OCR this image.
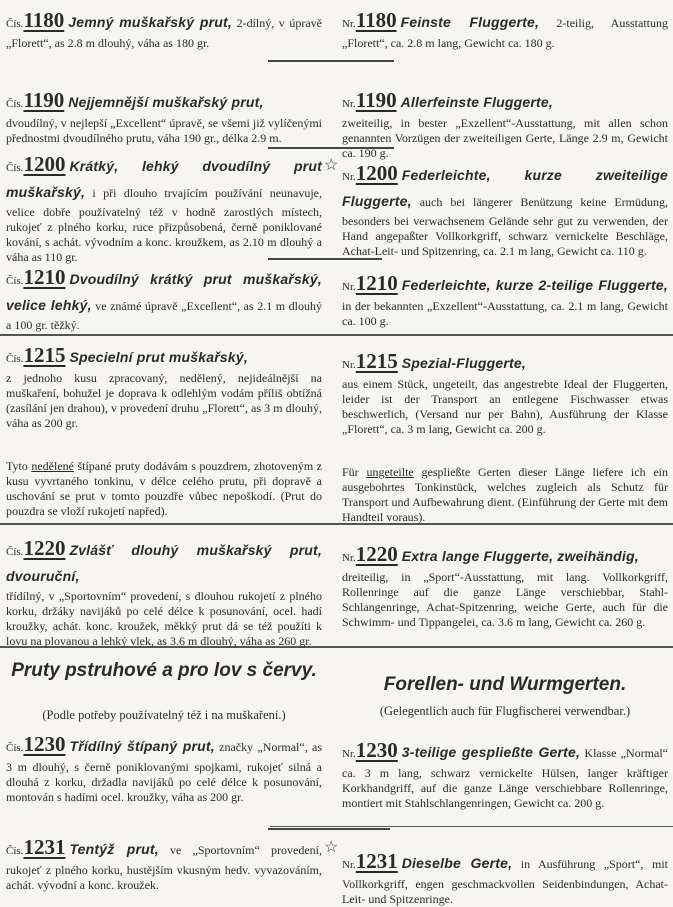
☆
☆
Čís.1180 Jemný muškařský prut, 2-dílný, v úpravě „Florett“, as 2.8 m dlouhý, váha as 180 gr.
Čís.1190 Nejjemnější muškařský prut,
dvoudílný, v nejlepší „Excellent“ úpravě, se všemi již vylíčenými přednostmi dvoudílného prutu, váha 190 gr., délka 2.9 m.
Čís.1200 Krátký, lehký dvoudílný prut muškařský, i při dlouho trvajícím používání neunavuje, velice dobře používatelný též v hodně zarostlých místech, rukojeť z plného korku, ruce přizpůsobená, černě poniklované kování, s achát. vývodním a konc. kroužkem, as 2.10 m dlouhý a váha as 110 gr.
Čís.1210 Dvoudílný krátký prut muškařský, velice lehký, ve známé úpravě „Excellent“, as 2.1 m dlouhý a 100 gr. těžký.
Čís.1215 Specielní prut muškařský,
z jednoho kusu zpracovaný, nedělený, nejideálnější na muškaření, bohužel je doprava k odlehlým vodám příliš obtížná (zasílání jen drahou), v provedení druhu „Florett“, as 3 m dlouhý, váha as 200 gr.
Tyto nedělené štípané pruty dodávám s pouzdrem, zhotoveným z kusu vyvrtaného tonkinu, v délce celého prutu, při dopravě a uschování se prut v tomto pouzdře vůbec nepoškodí. (Prut do pouzdra se vloží rukojetí napřed).
Čís.1220 Zvlášť dlouhý muškařský prut, dvouruční,
třídílný, v „Sportovním“ provedení, s dlouhou rukojetí z plného korku, držáky navijáků po celé délce k posunování, ocel. hadí kroužky, achát. konc. kroužek, měkký prut dá se též použíti k lovu na plovanou a lehký vlek, as 3.6 m dlouhý, váha as 260 gr.
Pruty pstruhové a pro lov s červy.
(Podle potřeby používatelný též i na muškaření.)
Čís.1230 Třídílný štípaný prut, značky „Normal“, as 3 m dlouhý, s černě poniklovanými spojkami, rukojeť silná a dlouhá z korku, držadla navijáků po celé délce k posunování, montován s hadími ocel. kroužky, váha as 200 gr.
Čís.1231 Tentýž prut, ve „Sportovním“ provedení, rukojeť z plného korku, hustějším vkusným hedv. vyvazováním, achát. vývodní a konc. kroužek.
Nr.1180 Feinste Fluggerte, 2-teilig, Ausstattung „Florett“, ca. 2.8 m lang, Gewicht ca. 180 g.
Nr.1190 Allerfeinste Fluggerte,
zweiteilig, in bester „Exzellent“-Ausstattung, mit allen schon genannten Vorzügen der zweiteiligen Gerte, Länge 2.9 m, Gewicht ca. 190 g.
Nr.1200 Federleichte, kurze zweiteilige Fluggerte, auch bei längerer Benützung keine Ermüdung, besonders bei verwachsenem Gelände sehr gut zu verwenden, der Hand angepaßter Vollkorkgriff, schwarz vernickelte Beschläge, Achat-Leit- und Spitzenring, ca. 2.1 m lang, Gewicht ca. 110 g.
Nr.1210 Federleichte, kurze 2-teilige Fluggerte, in der bekannten „Exzellent“-Ausstattung, ca. 2.1 m lang, Gewicht ca. 100 g.
Nr.1215 Spezial-Fluggerte,
aus einem Stück, ungeteilt, das angestrebte Ideal der Fluggerten, leider ist der Transport an entlegene Fischwasser etwas beschwerlich, (Versand nur per Bahn), Ausführung der Klasse „Florett“, ca. 3 m lang, Gewicht ca. 200 g.
Für ungeteilte gespließte Gerten dieser Länge liefere ich ein ausgebohrtes Tonkinstück, welches zugleich als Schutz für Transport und Aufbewahrung dient. (Einführung der Gerte mit dem Handteil voraus).
Nr.1220 Extra lange Fluggerte, zweihändig,
dreiteilig, in „Sport“-Ausstattung, mit lang. Vollkorkgriff, Rollenringe auf die ganze Länge verschiebbar, Stahl-Schlangenringe, Achat-Spitzenring, weiche Gerte, auch für die Schwimm- und Tippangelei, ca. 3.6 m lang, Gewicht ca. 260 g.
Forellen- und Wurmgerten.
(Gelegentlich auch für Flugfischerei verwendbar.)
Nr.1230 3-teilige gespließte Gerte, Klasse „Normal“ ca. 3 m lang, schwarz vernickelte Hülsen, langer kräftiger Korkhandgriff, auf die ganze Länge verschiebbare Rollenringe, montiert mit Stahlschlangenringen, Gewicht ca. 200 g.
Nr.1231 Dieselbe Gerte, in Ausführung „Sport“, mit Vollkorkgriff, engen geschmackvollen Seidenbindungen, Achat-Leit- und Spitzenringe.
